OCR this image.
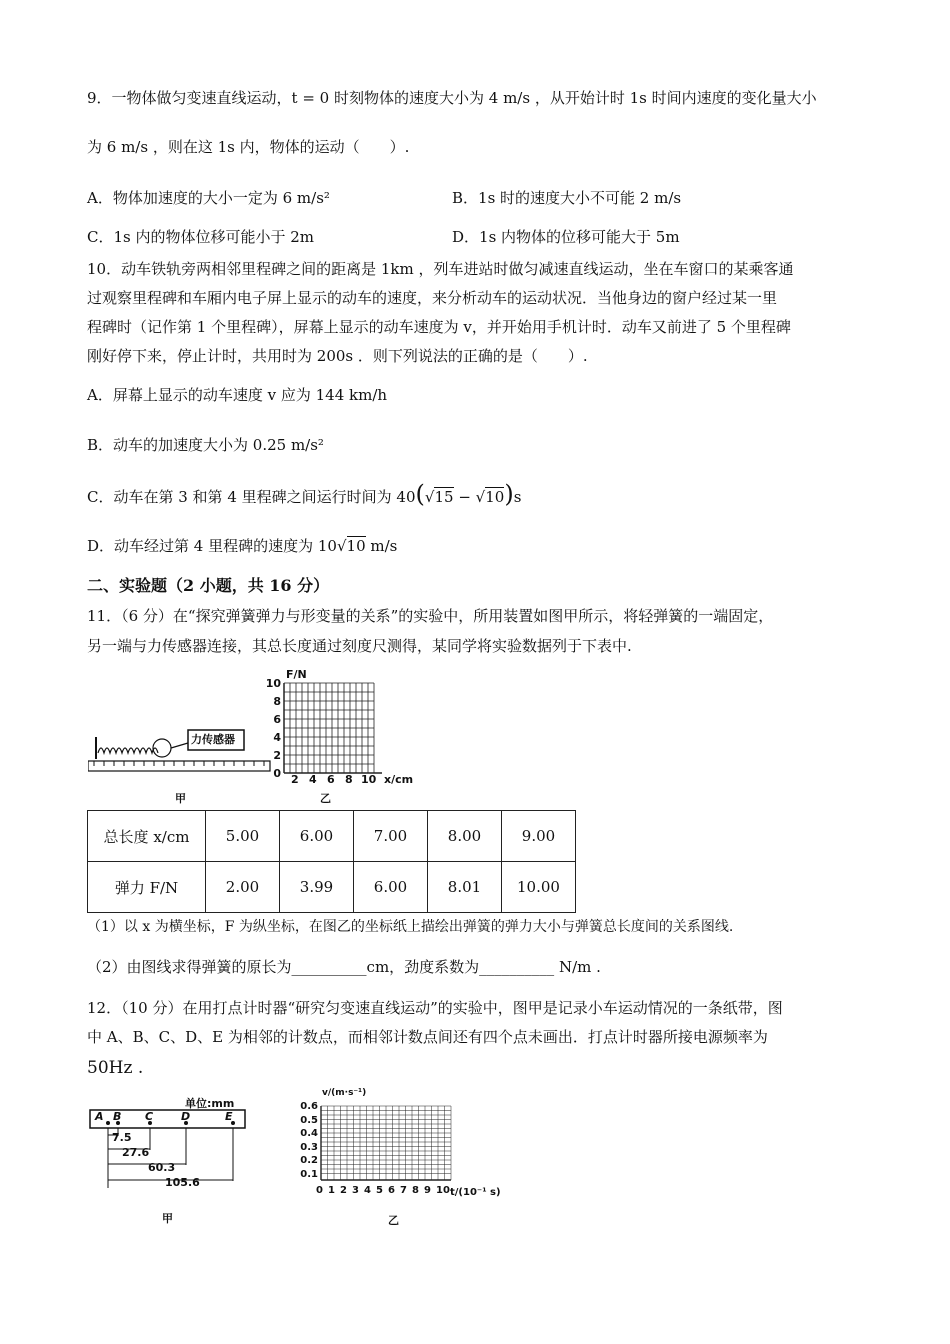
9．一物体做匀变速直线运动，t = 0 时刻物体的速度大小为 4 m/s ，从开始计时 1s 时间内速度的变化量大小
为 6 m/s ，则在这 1s 内，物体的运动（　　）.
A．物体加速度的大小一定为 6 m/s²	B．1s 时的速度大小不可能 2 m/s
C．1s 内的物体位移可能小于 2m	D．1s 内物体的位移可能大于 5m
10．动车铁轨旁两相邻里程碑之间的距离是 1km ，列车进站时做匀减速直线运动，坐在车窗口的某乘客通
过观察里程碑和车厢内电子屏上显示的动车的速度，来分析动车的运动状况．当他身边的窗户经过某一里
程碑时（记作第 1 个里程碑），屏幕上显示的动车速度为 v，并开始用手机计时．动车又前进了 5 个里程碑
刚好停下来，停止计时，共用时为 200s ．则下列说法的正确的是（　　）.
A．屏幕上显示的动车速度 v 应为 144 km/h
B．动车的加速度大小为 0.25 m/s²
C．动车在第 3 和第 4 里程碑之间运行时间为 40(√15 − √10)s
D．动车经过第 4 里程碑的速度为 10√10 m/s
二、实验题（2 小题，共 16 分）
11．（6 分）在“探究弹簧弹力与形变量的关系”的实验中，所用装置如图甲所示，将轻弹簧的一端固定，
另一端与力传感器连接，其总长度通过刻度尺测得，某同学将实验数据列于下表中.
力传感器
甲
F/N
x/cm
10
8
6
4
2
0 2 4 6 8 10
乙
总长度 x/cm	5.00	6.00	7.00	8.00	9.00
弹力 F/N	2.00	3.99	6.00	8.01	10.00
（1）以 x 为横坐标，F 为纵坐标，在图乙的坐标纸上描绘出弹簧的弹力大小与弹簧总长度间的关系图线.
（2）由图线求得弹簧的原长为__________cm，劲度系数为__________ N/m .
12．（10 分）在用打点计时器“研究匀变速直线运动”的实验中，图甲是记录小车运动情况的一条纸带，图
中 A、B、C、D、E 为相邻的计数点，而相邻计数点间还有四个点未画出．打点计时器所接电源频率为
50Hz .
单位:mm
A B C	D	E
7.5
27.6
60.3
105.6
甲
v/(m·s⁻¹)
0.6
0.5
0.4
0.3
0.2
0.1
0 1 2 3 4 5 6 7 8 9 10 t/(10⁻¹ s)
乙
